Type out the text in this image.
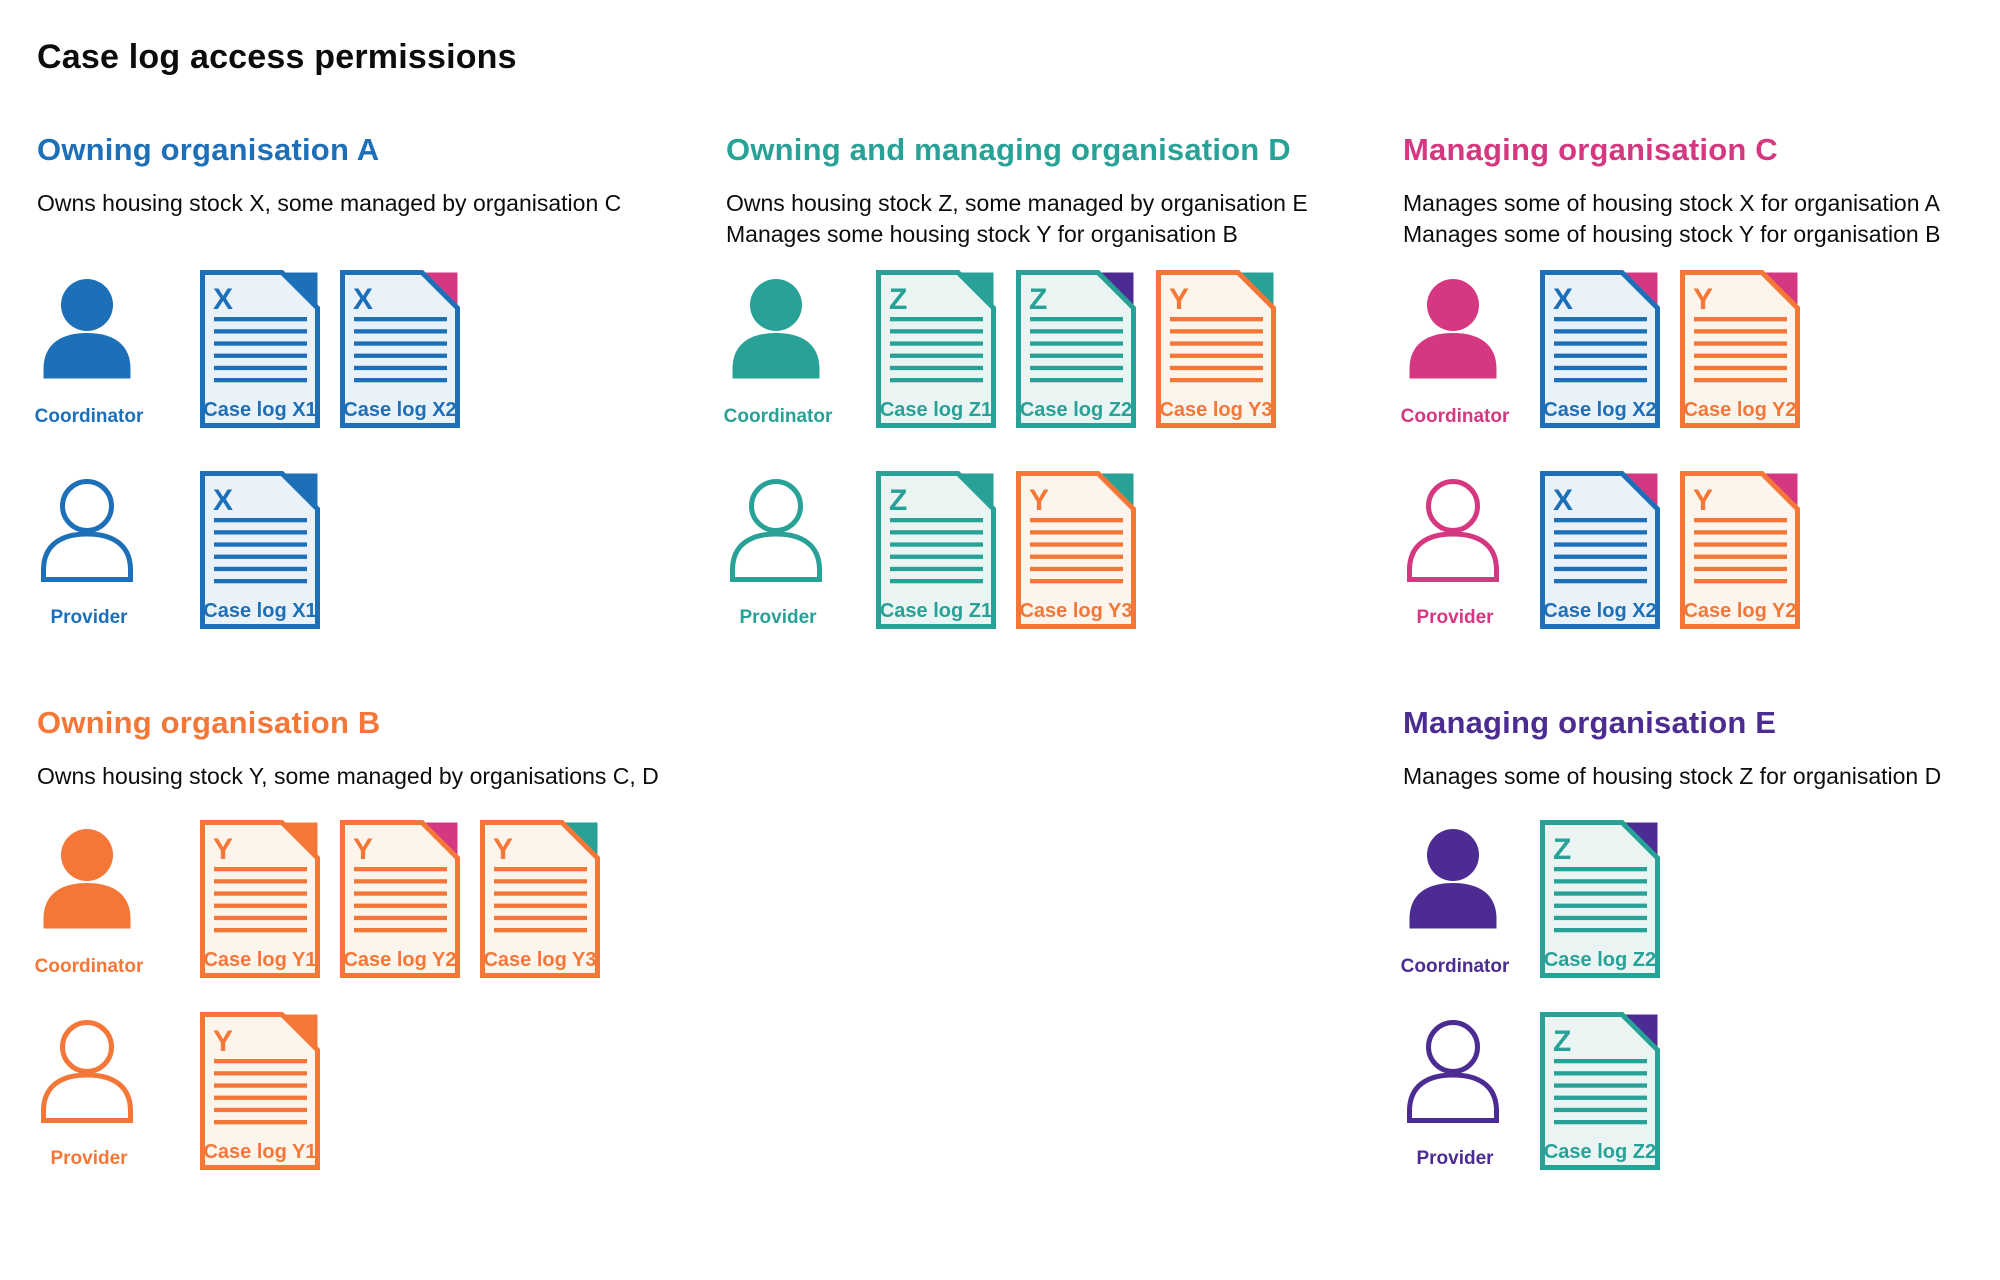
Case log access permissions
Owning organisation A

Owns housing stock X, some managed by organisation C

Coordinator
X
Case log X1
X
Case log X2
Provider
X
Case log X1
Owning and managing organisation D

Owns housing stock Z, some managed by organisation E

Manages some housing stock Y for organisation B

Coordinator
Z
Case log Z1
Z
Case log Z2
Y
Case log Y3
Provider
Z
Case log Z1
Y
Case log Y3
Managing organisation C

Manages some of housing stock X for organisation A

Manages some of housing stock Y for organisation B

Coordinator
X
Case log X2
Y
Case log Y2
Provider
X
Case log X2
Y
Case log Y2
Owning organisation B

Owns housing stock Y, some managed by organisations C, D

Coordinator
Y
Case log Y1
Y
Case log Y2
Y
Case log Y3
Provider
Y
Case log Y1
Managing organisation E

Manages some of housing stock Z for organisation D

Coordinator
Z
Case log Z2
Provider
Z
Case log Z2
